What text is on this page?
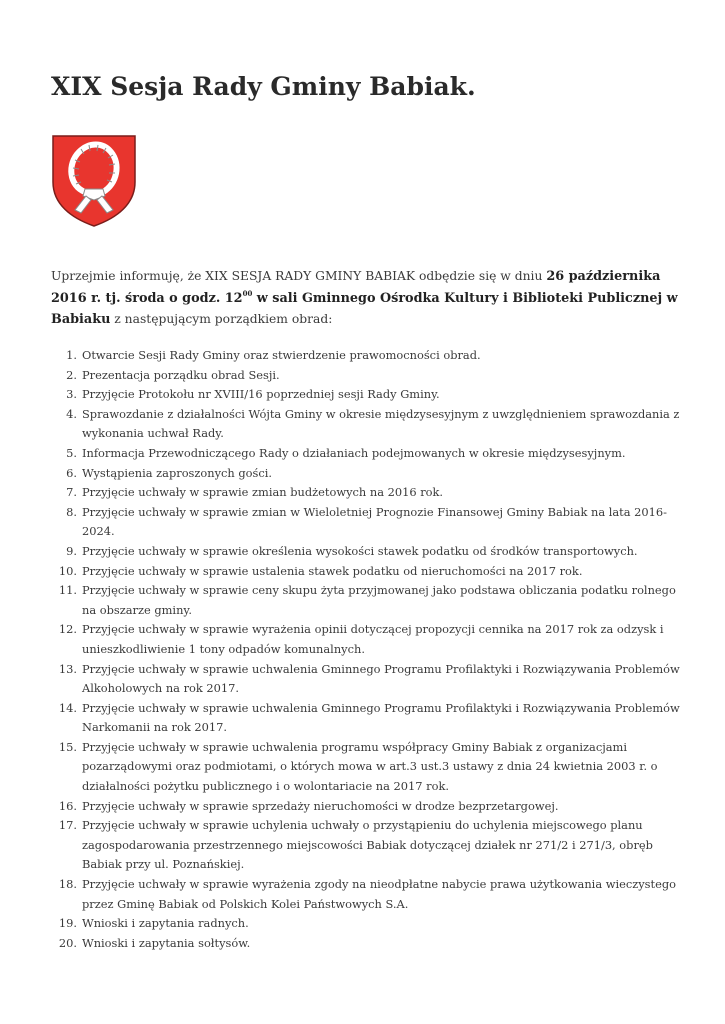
XIX Sesja Rady Gminy Babiak.

Uprzejmie informuję, że XIX SESJA RADY GMINY BABIAK odbędzie się w dniu 26 października 2016 r. tj. środa o godz. $12^{00}$ w sali Gminnego Ośrodka Kultury i Biblioteki Publicznej w Babiaku z następującym porządkiem obrad:

1. Otwarcie Sesji Rady Gminy oraz stwierdzenie prawomocności obrad.
2. Prezentacja porządku obrad Sesji.
3. Przyjęcie Protokołu nr XVIII/16 poprzedniej sesji Rady Gminy.
4. Sprawozdanie z działalności Wójta Gminy w okresie międzysesyjnym z uwzględnieniem sprawozdania z wykonania uchwał Rady.
5. Informacja Przewodniczącego Rady o działaniach podejmowanych w okresie międzysesyjnym.
6. Wystąpienia zaproszonych gości.
7. Przyjęcie uchwały w sprawie zmian budżetowych na 2016 rok.
8. Przyjęcie uchwały w sprawie zmian w Wieloletniej Prognozie Finansowej Gminy Babiak na lata 2016-2024.
9. Przyjęcie uchwały w sprawie określenia wysokości stawek podatku od środków transportowych.
10. Przyjęcie uchwały w sprawie ustalenia stawek podatku od nieruchomości na 2017 rok.
11. Przyjęcie uchwały w sprawie ceny skupu żyta przyjmowanej jako podstawa obliczania podatku rolnego na obszarze gminy.
12. Przyjęcie uchwały w sprawie wyrażenia opinii dotyczącej propozycji cennika na 2017 rok za odzysk i unieszkodliwienie 1 tony odpadów komunalnych.
13. Przyjęcie uchwały w sprawie uchwalenia Gminnego Programu Profilaktyki i Rozwiązywania Problemów Alkoholowych na rok 2017.
14. Przyjęcie uchwały w sprawie uchwalenia Gminnego Programu Profilaktyki i Rozwiązywania Problemów Narkomanii na rok 2017.
15. Przyjęcie uchwały w sprawie uchwalenia programu współpracy Gminy Babiak z organizacjami pozarządowymi oraz podmiotami, o których mowa w art.3 ust.3 ustawy z dnia 24 kwietnia 2003 r. o działalności pożytku publicznego i o wolontariacie na 2017 rok.
16. Przyjęcie uchwały w sprawie sprzedaży nieruchomości w drodze bezprzetargowej.
17. Przyjęcie uchwały w sprawie uchylenia uchwały o przystąpieniu do uchylenia miejscowego planu zagospodarowania przestrzennego miejscowości Babiak dotyczącej działek nr 271/2 i 271/3, obręb Babiak przy ul. Poznańskiej.
18. Przyjęcie uchwały w sprawie wyrażenia zgody na nieodpłatne nabycie prawa użytkowania wieczystego przez Gminę Babiak od Polskich Kolei Państwowych S.A.
19. Wnioski i zapytania radnych.
20. Wnioski i zapytania sołtysów.
